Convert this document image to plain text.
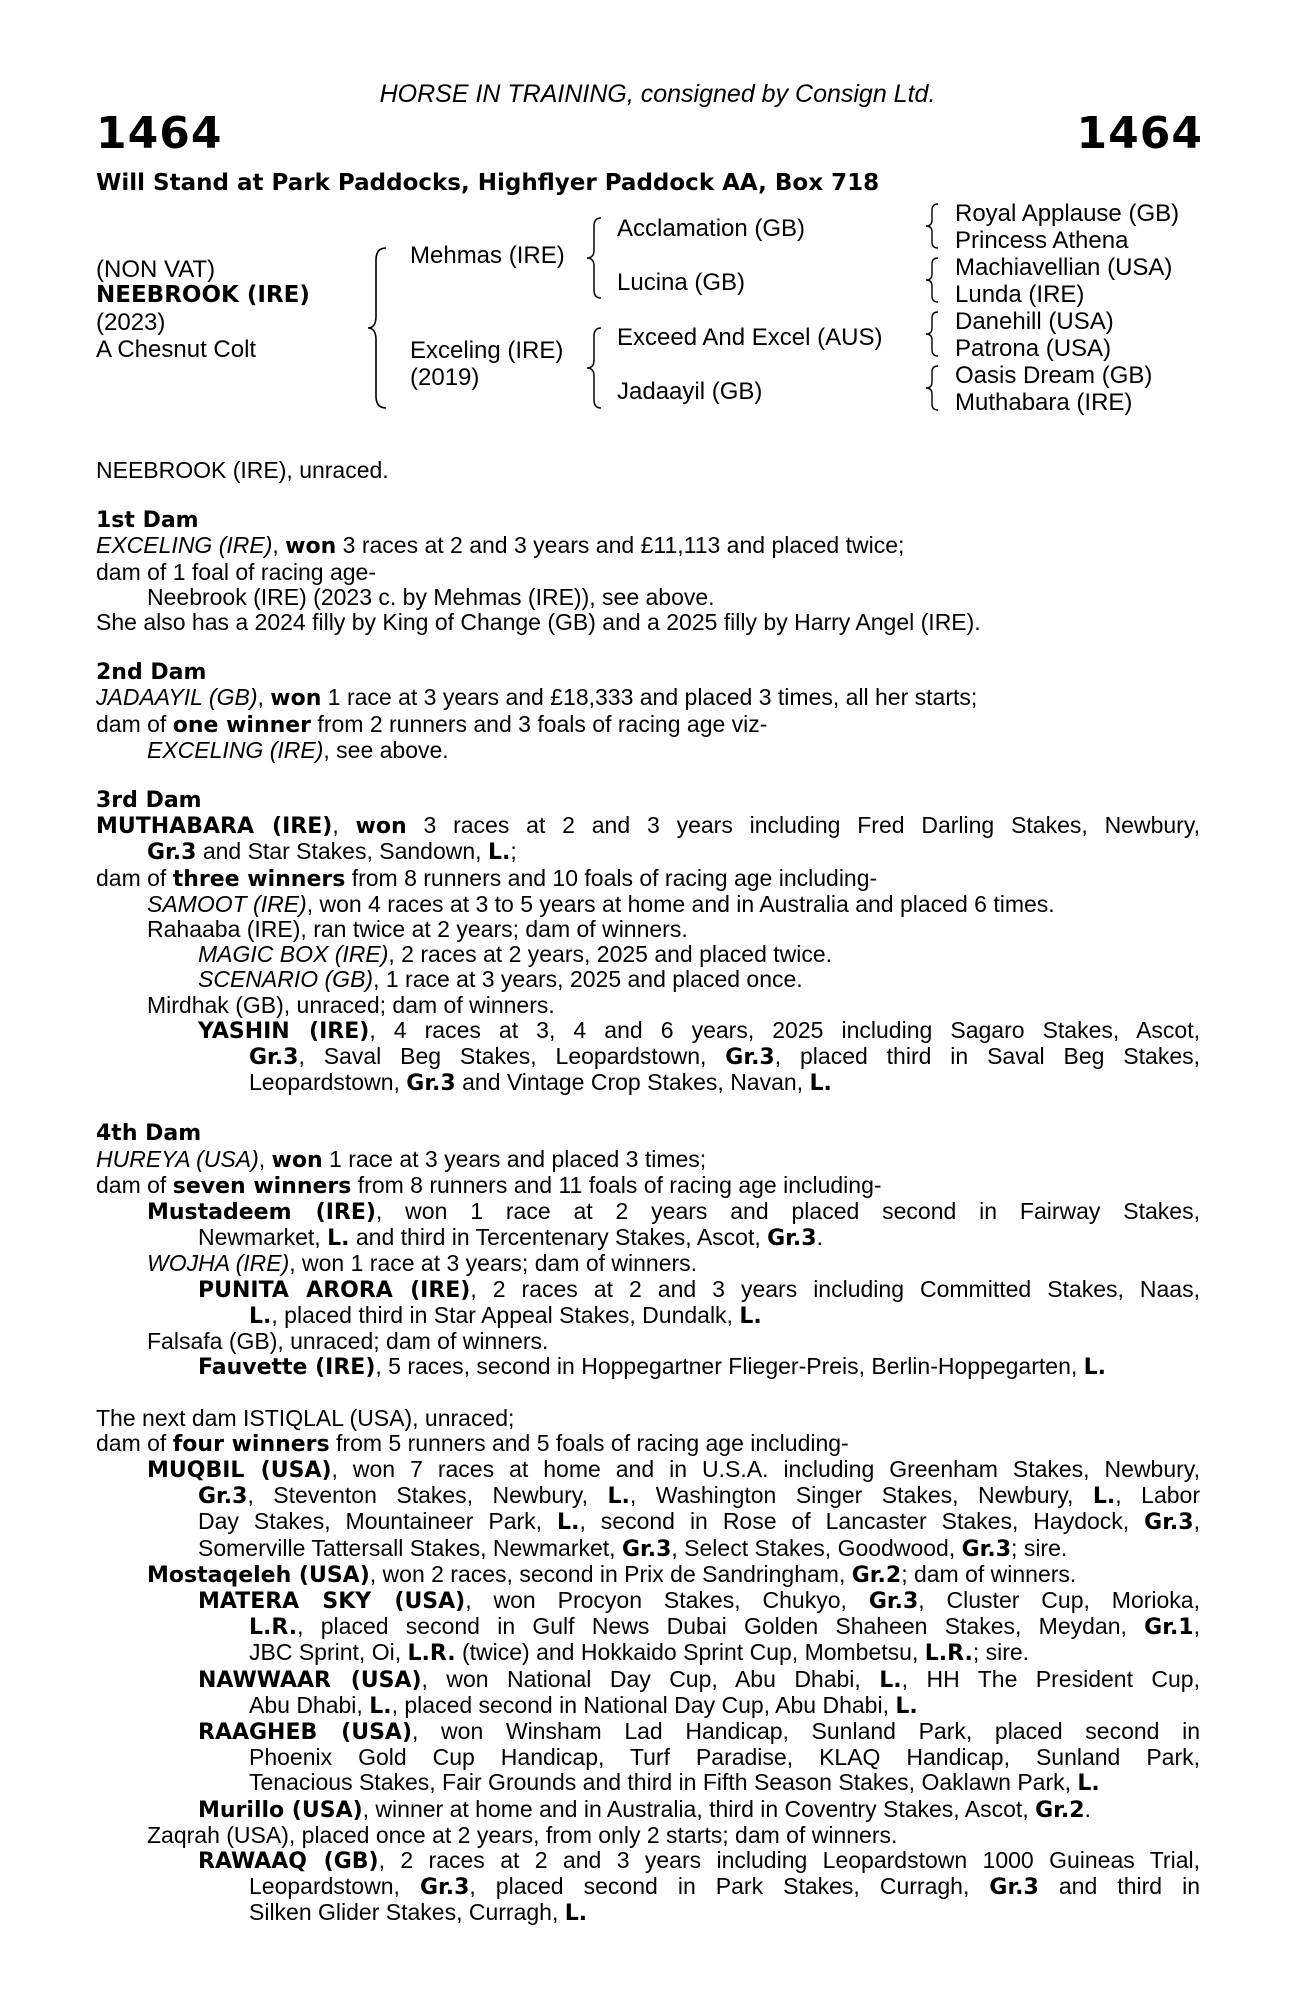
HORSE IN TRAINING, consigned by Consign Ltd.
1464	1464
Will Stand at Park Paddocks, Highflyer Paddock AA, Box 718
(NON VAT)
NEEBROOK (IRE)
(2023)
A Chesnut Colt
Mehmas (IRE)
Exceling (IRE)
(2019)
Acclamation (GB)
Lucina (GB)
Exceed And Excel (AUS)
Jadaayil (GB)
Royal Applause (GB)
Princess Athena
Machiavellian (USA)
Lunda (IRE)
Danehill (USA)
Patrona (USA)
Oasis Dream (GB)
Muthabara (IRE)
NEEBROOK (IRE), unraced.
1st Dam
EXCELING (IRE), won 3 races at 2 and 3 years and £11,113 and placed twice;
dam of 1 foal of racing age-
Neebrook (IRE) (2023 c. by Mehmas (IRE)), see above.
She also has a 2024 filly by King of Change (GB) and a 2025 filly by Harry Angel (IRE).
2nd Dam
JADAAYIL (GB), won 1 race at 3 years and £18,333 and placed 3 times, all her starts;
dam of one winner from 2 runners and 3 foals of racing age viz-
EXCELING (IRE), see above.
3rd Dam
MUTHABARA (IRE), won 3 races at 2 and 3 years including Fred Darling Stakes, Newbury,
Gr.3 and Star Stakes, Sandown, L.;
dam of three winners from 8 runners and 10 foals of racing age including-
SAMOOT (IRE), won 4 races at 3 to 5 years at home and in Australia and placed 6 times.
Rahaaba (IRE), ran twice at 2 years; dam of winners.
MAGIC BOX (IRE), 2 races at 2 years, 2025 and placed twice.
SCENARIO (GB), 1 race at 3 years, 2025 and placed once.
Mirdhak (GB), unraced; dam of winners.
YASHIN (IRE), 4 races at 3, 4 and 6 years, 2025 including Sagaro Stakes, Ascot,
Gr.3, Saval Beg Stakes, Leopardstown, Gr.3, placed third in Saval Beg Stakes,
Leopardstown, Gr.3 and Vintage Crop Stakes, Navan, L.
4th Dam
HUREYA (USA), won 1 race at 3 years and placed 3 times;
dam of seven winners from 8 runners and 11 foals of racing age including-
Mustadeem (IRE), won 1 race at 2 years and placed second in Fairway Stakes,
Newmarket, L. and third in Tercentenary Stakes, Ascot, Gr.3.
WOJHA (IRE), won 1 race at 3 years; dam of winners.
PUNITA ARORA (IRE), 2 races at 2 and 3 years including Committed Stakes, Naas,
L., placed third in Star Appeal Stakes, Dundalk, L.
Falsafa (GB), unraced; dam of winners.
Fauvette (IRE), 5 races, second in Hoppegartner Flieger-Preis, Berlin-Hoppegarten, L.
The next dam ISTIQLAL (USA), unraced;
dam of four winners from 5 runners and 5 foals of racing age including-
MUQBIL (USA), won 7 races at home and in U.S.A. including Greenham Stakes, Newbury,
Gr.3, Steventon Stakes, Newbury, L., Washington Singer Stakes, Newbury, L., Labor
Day Stakes, Mountaineer Park, L., second in Rose of Lancaster Stakes, Haydock, Gr.3,
Somerville Tattersall Stakes, Newmarket, Gr.3, Select Stakes, Goodwood, Gr.3; sire.
Mostaqeleh (USA), won 2 races, second in Prix de Sandringham, Gr.2; dam of winners.
MATERA SKY (USA), won Procyon Stakes, Chukyo, Gr.3, Cluster Cup, Morioka,
L.R., placed second in Gulf News Dubai Golden Shaheen Stakes, Meydan, Gr.1,
JBC Sprint, Oi, L.R. (twice) and Hokkaido Sprint Cup, Mombetsu, L.R.; sire.
NAWWAAR (USA), won National Day Cup, Abu Dhabi, L., HH The President Cup,
Abu Dhabi, L., placed second in National Day Cup, Abu Dhabi, L.
RAAGHEB (USA), won Winsham Lad Handicap, Sunland Park, placed second in
Phoenix Gold Cup Handicap, Turf Paradise, KLAQ Handicap, Sunland Park,
Tenacious Stakes, Fair Grounds and third in Fifth Season Stakes, Oaklawn Park, L.
Murillo (USA), winner at home and in Australia, third in Coventry Stakes, Ascot, Gr.2.
Zaqrah (USA), placed once at 2 years, from only 2 starts; dam of winners.
RAWAAQ (GB), 2 races at 2 and 3 years including Leopardstown 1000 Guineas Trial,
Leopardstown, Gr.3, placed second in Park Stakes, Curragh, Gr.3 and third in
Silken Glider Stakes, Curragh, L.
